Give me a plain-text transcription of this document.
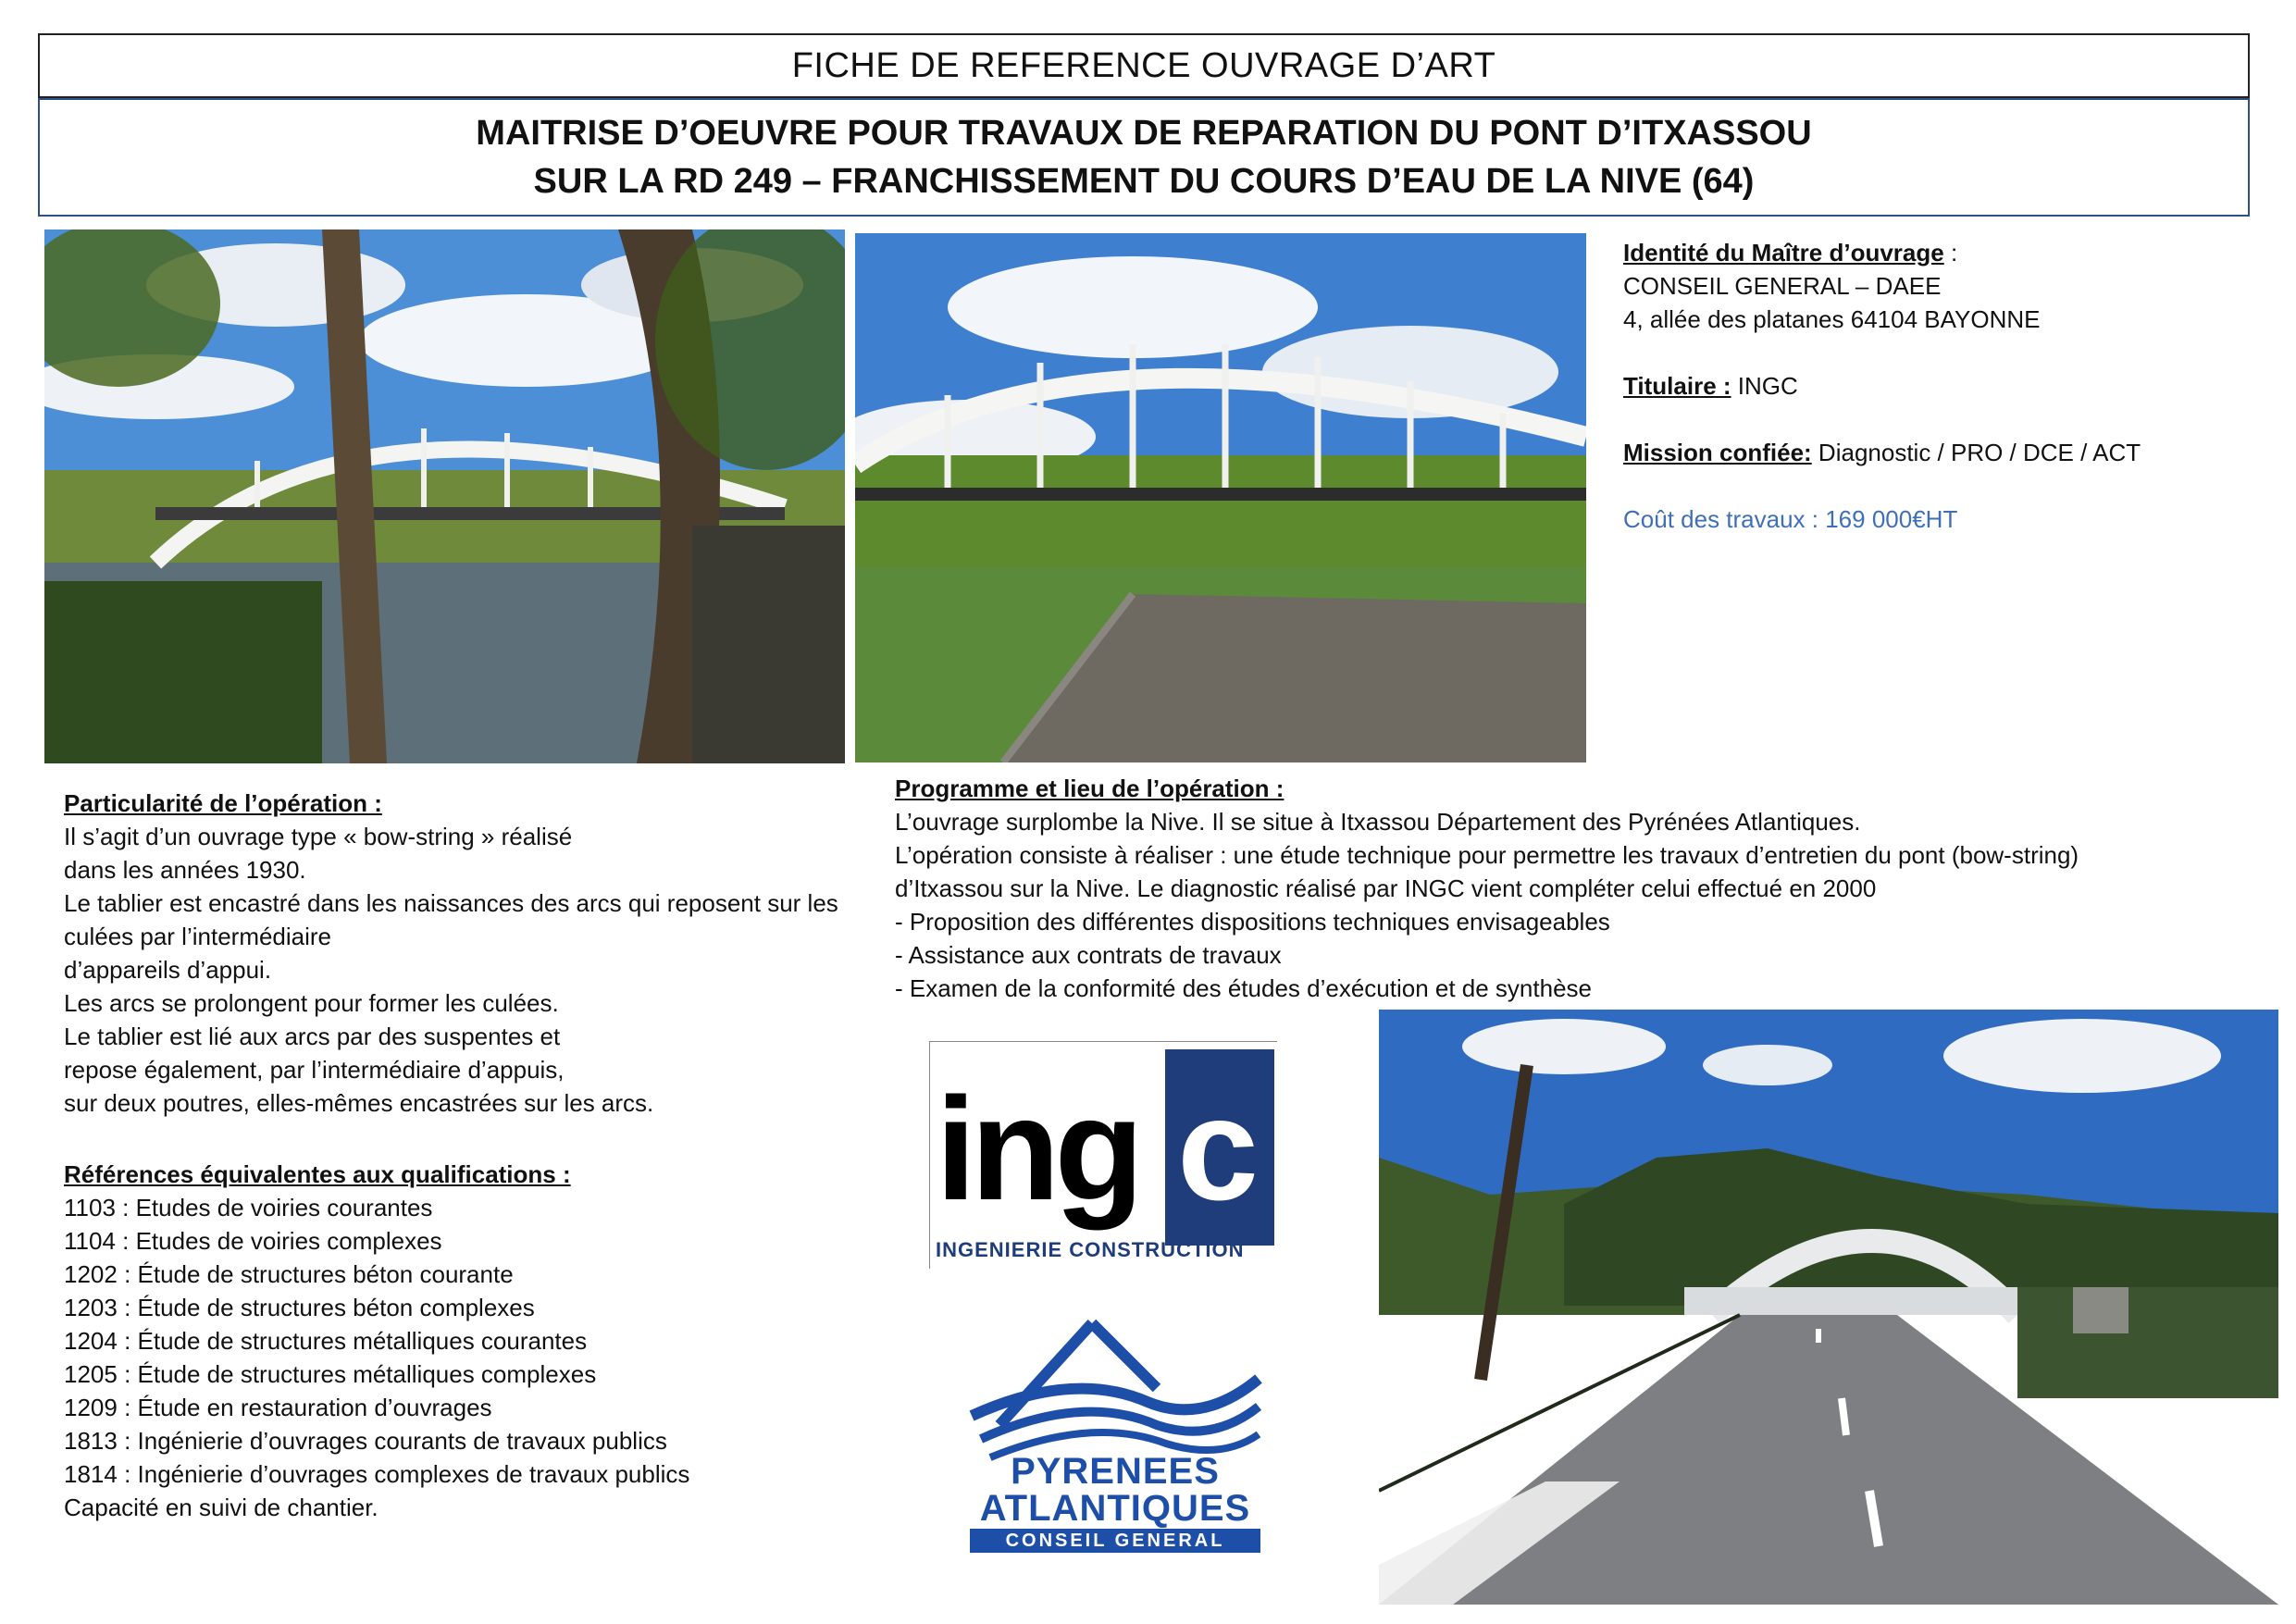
FICHE DE REFERENCE OUVRAGE D’ART
MAITRISE D’OEUVRE POUR TRAVAUX DE REPARATION DU PONT D’ITXASSOU
SUR LA RD 249 – FRANCHISSEMENT DU COURS D’EAU DE LA NIVE (64)

Identité du Maître d’ouvrage :

CONSEIL GENERAL – DAEE

4, allée des platanes 64104 BAYONNE

Titulaire : INGC

Mission confiée: Diagnostic / PRO / DCE / ACT

Coût des travaux : 169 000€HT

Particularité de l’opération :

Il s’agit d’un ouvrage type « bow-string » réalisé

dans les années 1930.

Le tablier est encastré dans les naissances des arcs qui reposent sur les

culées par l’intermédiaire

d’appareils d’appui.

Les arcs se prolongent pour former les culées.

Le tablier est lié aux arcs par des suspentes et

repose également, par l’intermédiaire d’appuis,

sur deux poutres, elles-mêmes encastrées sur les arcs.

Références équivalentes aux qualifications :

1103 : Etudes de voiries courantes

1104 : Etudes de voiries complexes

1202 : Étude de structures béton courante

1203 : Étude de structures béton complexes

1204 : Étude de structures métalliques courantes

1205 : Étude de structures métalliques complexes

1209 : Étude en restauration d’ouvrages

1813 : Ingénierie d’ouvrages courants de travaux publics

1814 : Ingénierie d’ouvrages complexes de travaux publics

Capacité en suivi de chantier.

Programme et lieu de l’opération :

L’ouvrage surplombe la Nive. Il se situe à Itxassou Département des Pyrénées Atlantiques.

L’opération consiste à réaliser : une étude technique pour permettre les travaux d’entretien du pont (bow-string)

d’Itxassou sur la Nive. Le diagnostic réalisé par INGC vient compléter celui effectué en 2000

- Proposition des différentes dispositions techniques envisageables

- Assistance aux contrats de travaux

- Examen de la conformité des études d’exécution et de synthèse

ing c
INGENIERIE CONSTRUCTION
PYRENEES
ATLANTIQUES
CONSEIL GENERAL
